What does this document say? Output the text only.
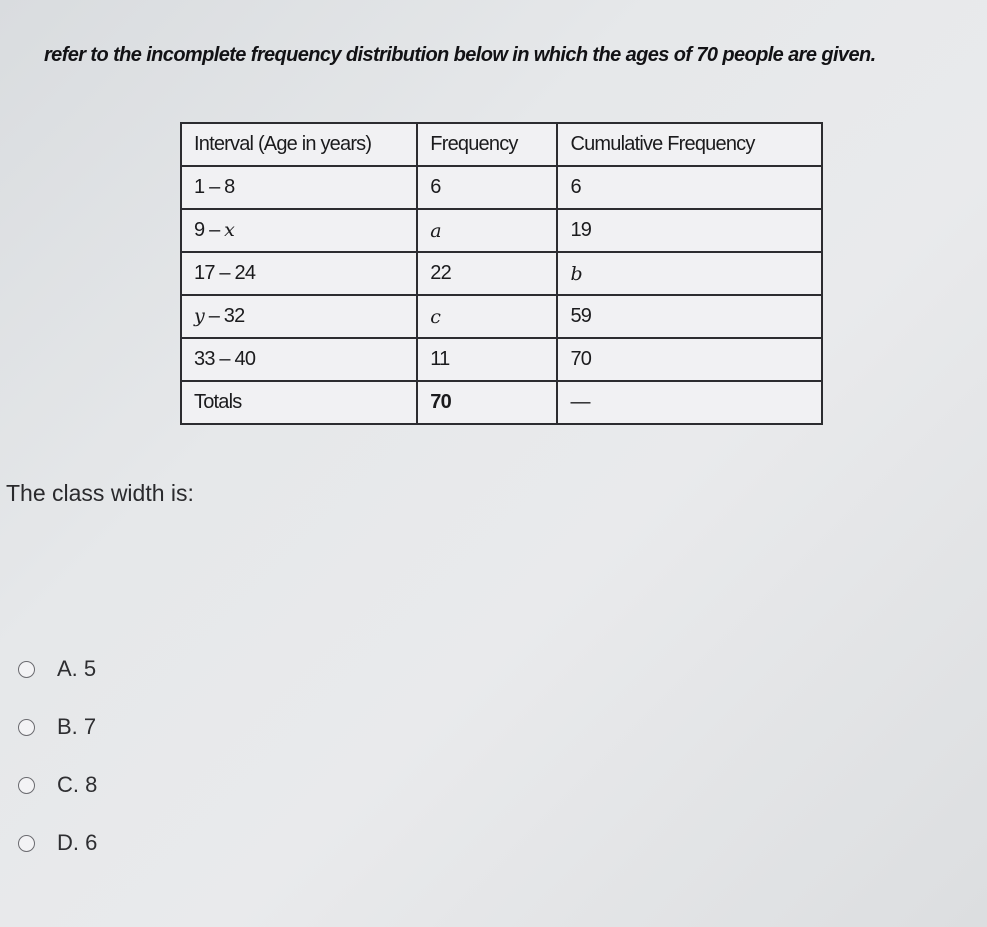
refer to the incomplete frequency distribution below in which the ages of 70 people are given.
Interval (Age in years)	Frequency	Cumulative Frequency
1 – 8	6	6
9 – x	a	19
17 – 24	22	b
y – 32	c	59
33 – 40	11	70
Totals	70	—
The class width is:
A. 5
B. 7
C. 8
D. 6
